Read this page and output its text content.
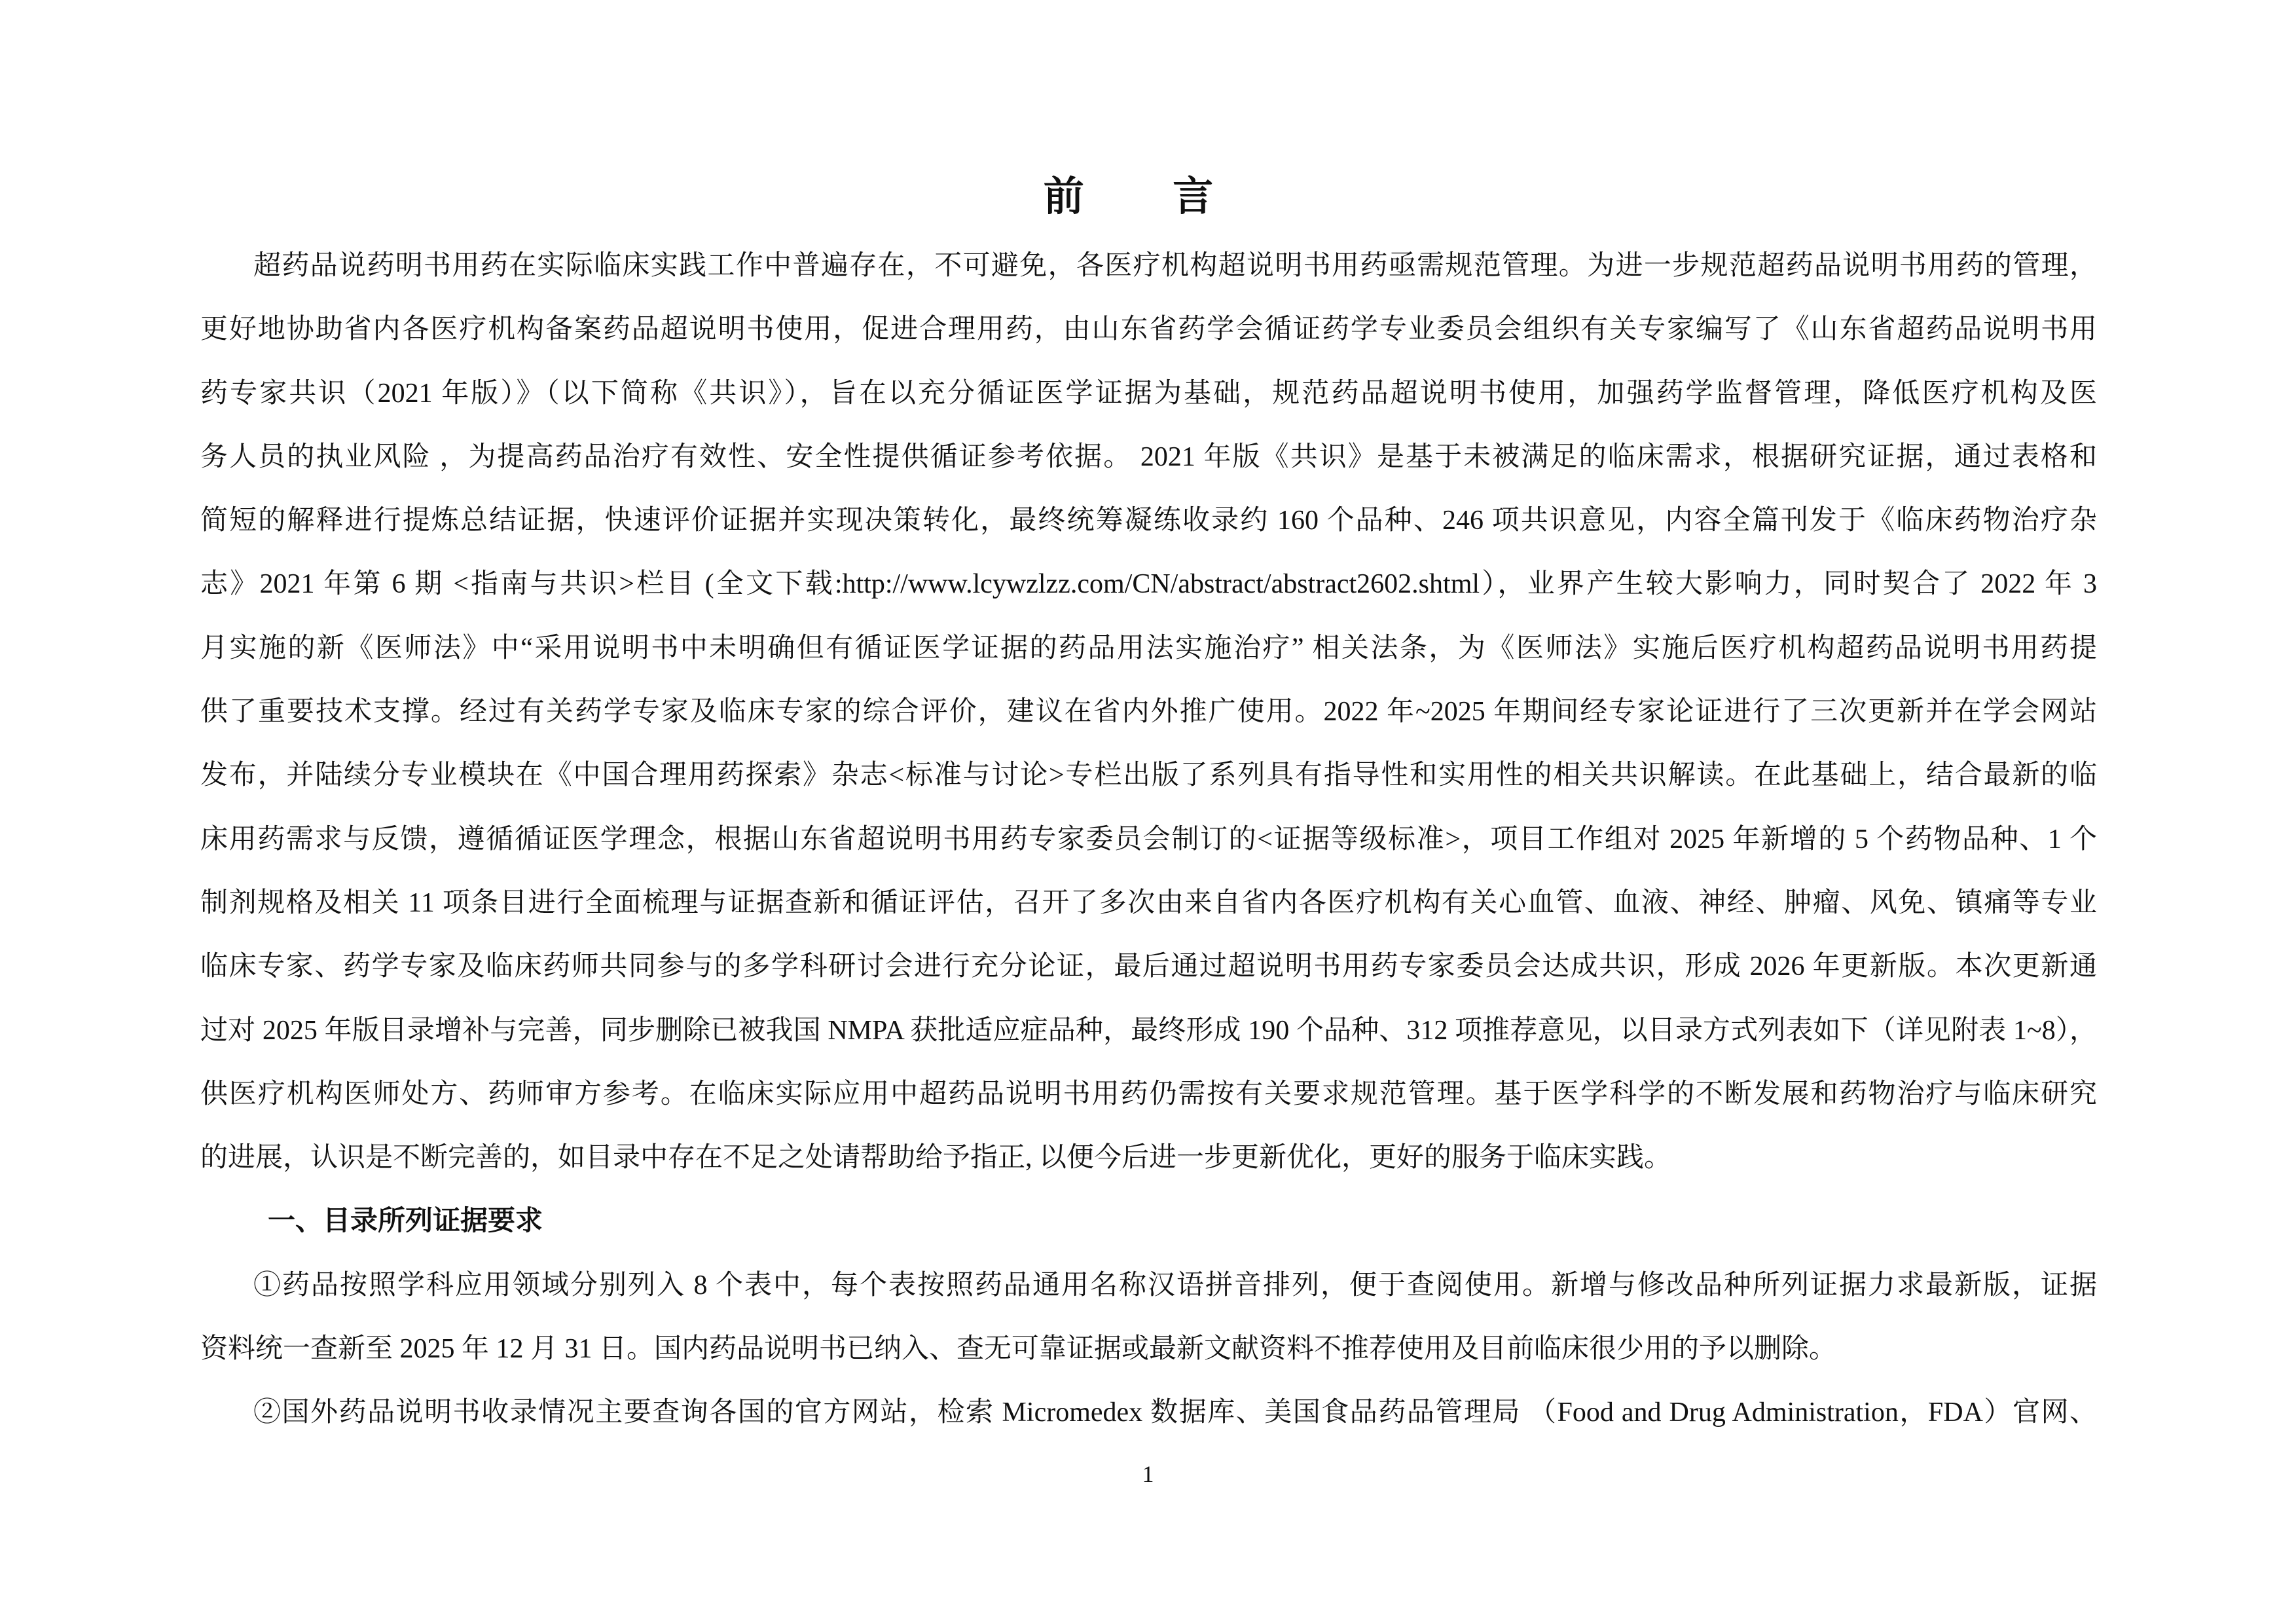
前 言
超药品说药明书用药在实际临床实践工作中普遍存在，不可避免，各医疗机构超说明书用药亟需规范管理。为进一步规范超药品说明书用药的管理，
更好地协助省内各医疗机构备案药品超说明书使用，促进合理用药，由山东省药学会循证药学专业委员会组织有关专家编写了《山东省超药品说明书用
药专家共识（2021 年版）》（以下简称《共识》），旨在以充分循证医学证据为基础，规范药品超说明书使用，加强药学监督管理，降低医疗机构及医
务人员的执业风险 ，为提高药品治疗有效性、安全性提供循证参考依据。 2021 年版《共识》是基于未被满足的临床需求，根据研究证据，通过表格和
简短的解释进行提炼总结证据，快速评价证据并实现决策转化，最终统筹凝练收录约 160 个品种、246 项共识意见，内容全篇刊发于《临床药物治疗杂
志》2021 年第 6 期 <指南与共识>栏目 (全文下载:http://www.lcywzlzz.com/CN/abstract/abstract2602.shtml），业界产生较大影响力，同时契合了 2022 年 3
月实施的新《医师法》中“采用说明书中未明确但有循证医学证据的药品用法实施治疗” 相关法条，为《医师法》实施后医疗机构超药品说明书用药提
供了重要技术支撑。经过有关药学专家及临床专家的综合评价，建议在省内外推广使用。2022 年~2025 年期间经专家论证进行了三次更新并在学会网站
发布，并陆续分专业模块在《中国合理用药探索》杂志<标准与讨论>专栏出版了系列具有指导性和实用性的相关共识解读。在此基础上，结合最新的临
床用药需求与反馈，遵循循证医学理念，根据山东省超说明书用药专家委员会制订的<证据等级标准>，项目工作组对 2025 年新增的 5 个药物品种、1 个
制剂规格及相关 11 项条目进行全面梳理与证据查新和循证评估，召开了多次由来自省内各医疗机构有关心血管、血液、神经、肿瘤、风免、镇痛等专业
临床专家、药学专家及临床药师共同参与的多学科研讨会进行充分论证，最后通过超说明书用药专家委员会达成共识，形成 2026 年更新版。本次更新通
过对 2025 年版目录增补与完善，同步删除已被我国 NMPA 获批适应症品种，最终形成 190 个品种、312 项推荐意见，以目录方式列表如下（详见附表 1~8），
供医疗机构医师处方、药师审方参考。在临床实际应用中超药品说明书用药仍需按有关要求规范管理。基于医学科学的不断发展和药物治疗与临床研究
的进展，认识是不断完善的，如目录中存在不足之处请帮助给予指正, 以便今后进一步更新优化，更好的服务于临床实践。
一、目录所列证据要求
①药品按照学科应用领域分别列入 8 个表中，每个表按照药品通用名称汉语拼音排列，便于查阅使用。新增与修改品种所列证据力求最新版，证据
资料统一查新至 2025 年 12 月 31 日。国内药品说明书已纳入、查无可靠证据或最新文献资料不推荐使用及目前临床很少用的予以删除。
②国外药品说明书收录情况主要查询各国的官方网站，检索 Micromedex 数据库、美国食品药品管理局 （Food and Drug Administration，FDA）官网、
1
